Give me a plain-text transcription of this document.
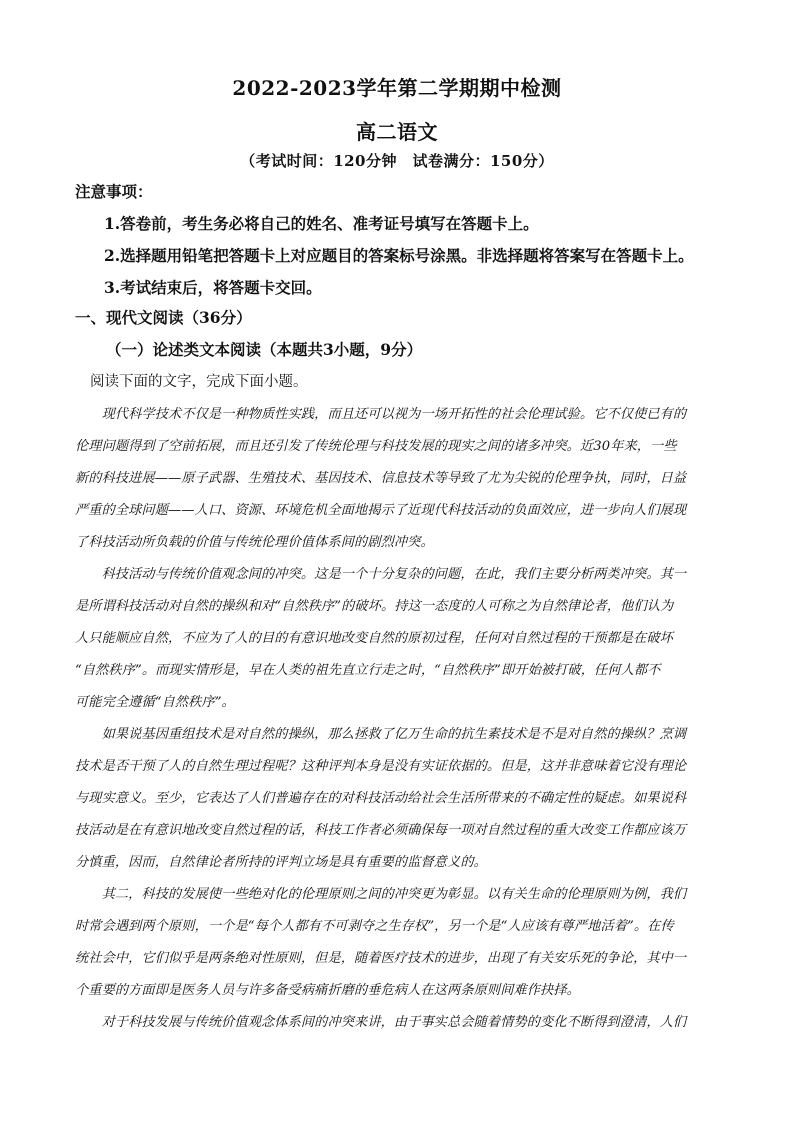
2022-2023学年第二学期期中检测
高二语文
（考试时间：120分钟　试卷满分：150分）
注意事项：
1.答卷前，考生务必将自己的姓名、准考证号填写在答题卡上。
2.选择题用铅笔把答题卡上对应题目的答案标号涂黑。非选择题将答案写在答题卡上。
3.考试结束后，将答题卡交回。
一、现代文阅读（36分）
（一）论述类文本阅读（本题共3小题，9分）
阅读下面的文字，完成下面小题。
　　现代科学技术不仅是一种物质性实践，而且还可以视为一场开拓性的社会伦理试验。它不仅使已有的
伦理问题得到了空前拓展，而且还引发了传统伦理与科技发展的现实之间的诸多冲突。近30年来，一些
新的科技进展——原子武器、生殖技术、基因技术、信息技术等导致了尤为尖锐的伦理争执，同时，日益
严重的全球问题——人口、资源、环境危机全面地揭示了近现代科技活动的负面效应，进一步向人们展现
了科技活动所负载的价值与传统伦理价值体系间的剧烈冲突。
　　科技活动与传统价值观念间的冲突。这是一个十分复杂的问题，在此，我们主要分析两类冲突。其一
是所谓科技活动对自然的操纵和对“自然秩序”的破坏。持这一态度的人可称之为自然律论者，他们认为
人只能顺应自然，不应为了人的目的有意识地改变自然的原初过程，任何对自然过程的干预都是在破坏
“自然秩序”。而现实情形是，早在人类的祖先直立行走之时，“自然秩序”即开始被打破，任何人都不
可能完全遵循“自然秩序”。
　　如果说基因重组技术是对自然的操纵，那么拯救了亿万生命的抗生素技术是不是对自然的操纵？烹调
技术是否干预了人的自然生理过程呢？这种评判本身是没有实证依据的。但是，这并非意味着它没有理论
与现实意义。至少，它表达了人们普遍存在的对科技活动给社会生活所带来的不确定性的疑虑。如果说科
技活动是在有意识地改变自然过程的话，科技工作者必须确保每一项对自然过程的重大改变工作都应该万
分慎重，因而，自然律论者所持的评判立场是具有重要的监督意义的。
　　其二，科技的发展使一些绝对化的伦理原则之间的冲突更为彰显。以有关生命的伦理原则为例，我们
时常会遇到两个原则，一个是“每个人都有不可剥夺之生存权”，另一个是“人应该有尊严地活着”。在传
统社会中，它们似乎是两条绝对性原则，但是，随着医疗技术的进步，出现了有关安乐死的争论，其中一
个重要的方面即是医务人员与许多备受病痛折磨的垂危病人在这两条原则间难作抉择。
　　对于科技发展与传统价值观念体系间的冲突来讲，由于事实总会随着情势的变化不断得到澄清，人们
